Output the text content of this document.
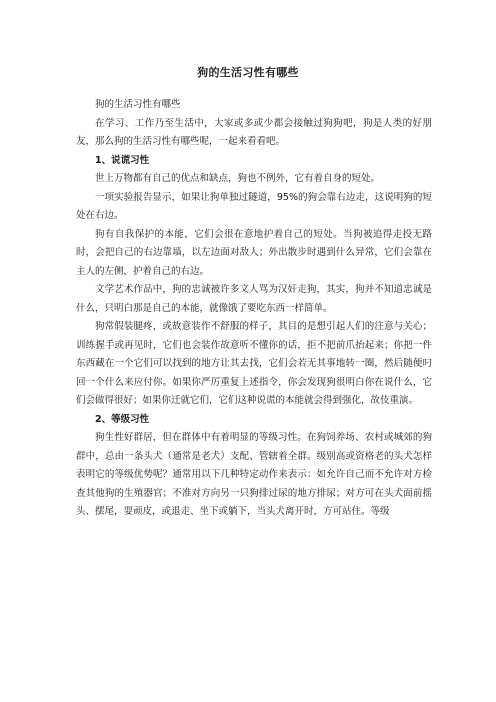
狗的生活习性有哪些

狗的生活习性有哪些

在学习、工作乃至生活中，大家或多或少都会接触过狗狗吧，狗是人类的好朋友，那么狗的生活习性有哪些呢，一起来看看吧。

1、说谎习性

世上万物都有自己的优点和缺点，狗也不例外，它有着自身的短处。

一项实验报告显示，如果让狗单独过隧道，95%的狗会靠右边走，这说明狗的短处在右边。

狗有自我保护的本能，它们会很在意地护着自己的短处。当狗被追得走投无路时，会把自己的右边靠墙，以左边面对敌人；外出散步时遇到什么异常，它们会靠在主人的左侧，护着自己的右边。

文学艺术作品中，狗的忠诚被许多文人骂为汉奸走狗，其实，狗并不知道忠诚是什么，只明白那是自己的本能，就像饿了要吃东西一样简单。

狗常假装腿疼，或故意装作不舒服的样子，其目的是想引起人们的注意与关心；训练握手或再见时，它们也会装作故意听不懂你的话，拒不把前爪抬起来；你把一件东西藏在一个它们可以找到的地方让其去找，它们会若无其事地转一圈，然后随便叼回一个什么来应付你。如果你严厉重复上述指令，你会发现狗很明白你在说什么，它们会做得很好；如果你迁就它们，它们这种说谎的本能就会得到强化，故伎重演。

2、等级习性

狗生性好群居，但在群体中有着明显的等级习性。在狗饲养场、农村或城郊的狗群中，总由一条头犬（通常是老犬）支配、管辖着全群。级别高或资格老的头犬怎样表明它的等级优势呢？通常用以下几种特定动作来表示：如允许自己而不允许对方检查其他狗的生殖器官；不准对方向另一只狗排过尿的地方排尿；对方可在头犬面前摇头、摆尾，耍顽皮，或退走、坐下或躺下，当头犬离开时，方可站住。等级
